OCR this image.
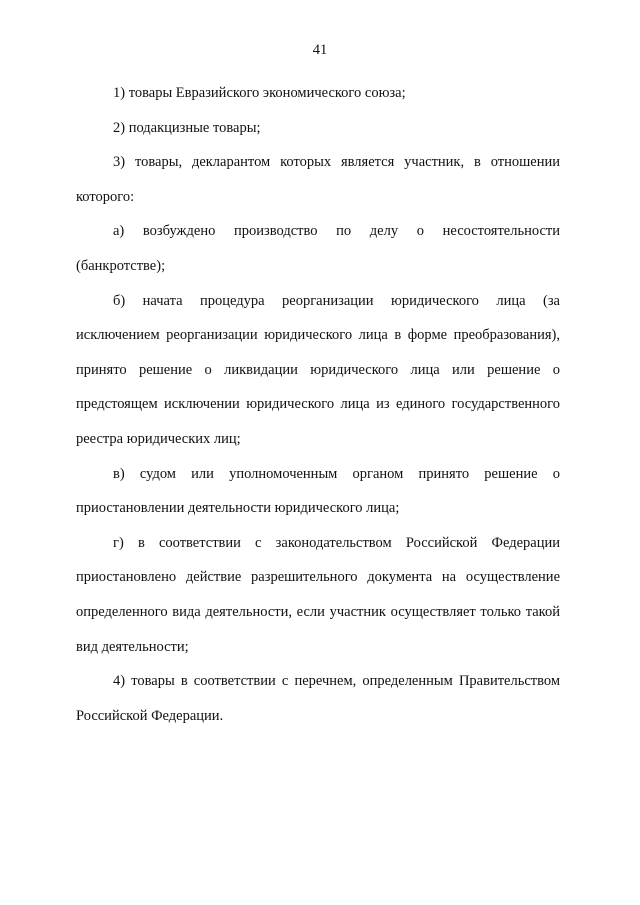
41

1) товары Евразийского экономического союза;

2) подакцизные товары;

3) товары, декларантом которых является участник, в отношении которого:

а) возбуждено производство по делу о несостоятельности (банкротстве);

б) начата процедура реорганизации юридического лица (за исключением реорганизации юридического лица в форме преобразования), принято решение о ликвидации юридического лица или решение о предстоящем исключении юридического лица из единого государственного реестра юридических лиц;

в) судом или уполномоченным органом принято решение о приостановлении деятельности юридического лица;

г) в соответствии с законодательством Российской Федерации приостановлено действие разрешительного документа на осуществление определенного вида деятельности, если участник осуществляет только такой вид деятельности;

4) товары в соответствии с перечнем, определенным Правительством Российской Федерации.
